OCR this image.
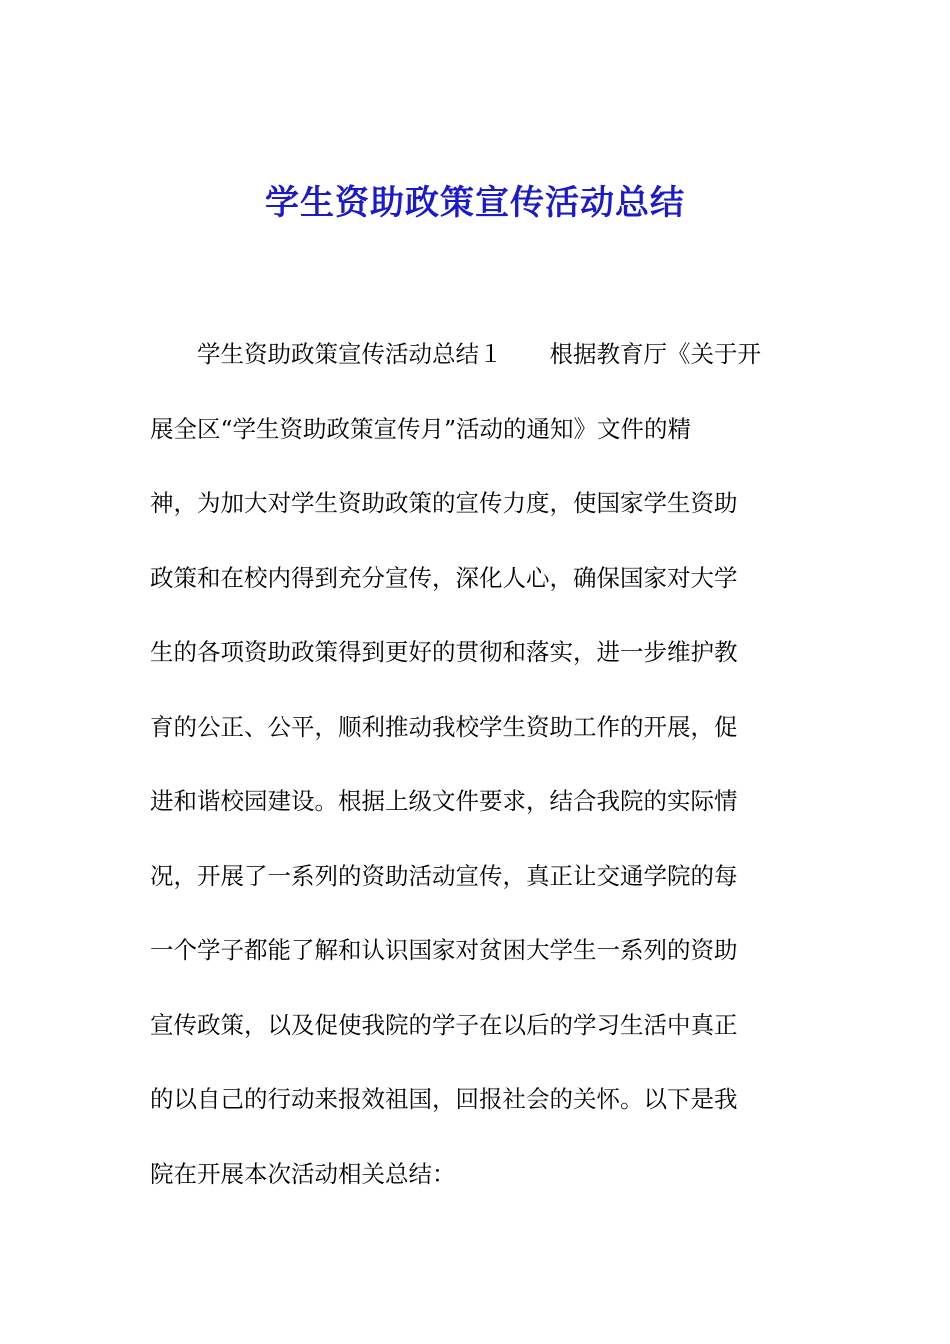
学生资助政策宣传活动总结
　　学生资助政策宣传活动总结１　　根据教育厅《关于开
展全区“学生资助政策宣传月”活动的通知》文件的精
神，为加大对学生资助政策的宣传力度，使国家学生资助
政策和在校内得到充分宣传，深化人心，确保国家对大学
生的各项资助政策得到更好的贯彻和落实，进一步维护教
育的公正、公平，顺利推动我校学生资助工作的开展，促
进和谐校园建设。根据上级文件要求，结合我院的实际情
况，开展了一系列的资助活动宣传，真正让交通学院的每
一个学子都能了解和认识国家对贫困大学生一系列的资助
宣传政策，以及促使我院的学子在以后的学习生活中真正
的以自己的行动来报效祖国，回报社会的关怀。以下是我
院在开展本次活动相关总结：
